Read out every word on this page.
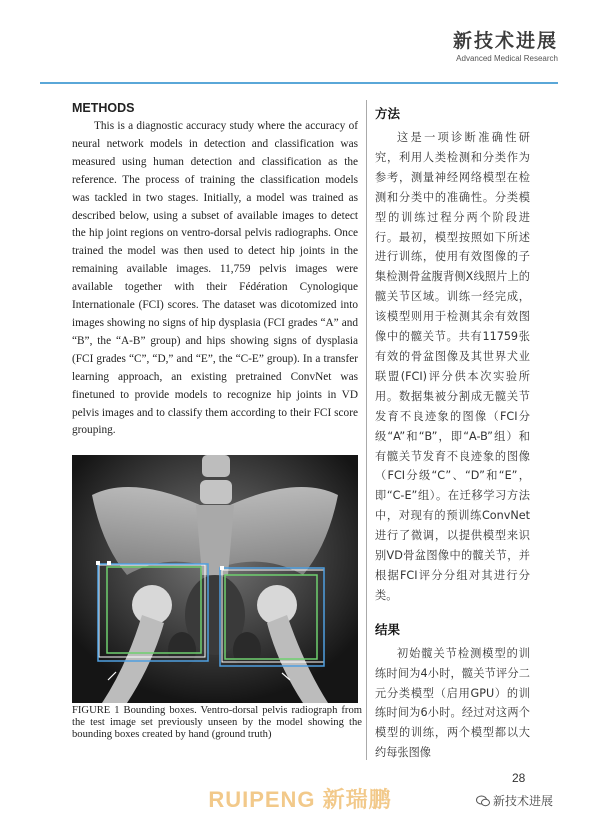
新技术进展
Advanced Medical Research
METHODS

This is a diagnostic accuracy study where the accuracy of neural network models in detection and classification was measured using human detection and classification as the reference. The process of training the classification models was tackled in two stages. Initially, a model was trained as described below, using a subset of available images to detect the hip joint regions on ventro-dorsal pelvis radiographs. Once trained the model was then used to detect hip joints in the remaining available images. 11,759 pelvis images were available together with their Fédération Cynologique Internationale (FCI) scores. The dataset was dicotomized into images showing no signs of hip dysplasia (FCI grades “A” and “B”, the “A-B” group) and hips showing signs of dysplasia (FCI grades “C”, “D,” and “E”, the “C-E” group). In a transfer learning approach, an existing pretrained ConvNet was finetuned to provide models to recognize hip joints in VD pelvis images and to classify them according to their FCI score grouping.

FIGURE 1 Bounding boxes. Ventro-dorsal pelvis radiograph from the test image set previously unseen by the model showing the bounding boxes created by hand (ground truth)

方法

这是一项诊断准确性研究，利用人类检测和分类作为参考，测量神经网络模型在检测和分类中的准确性。分类模型的训练过程分两个阶段进行。最初，模型按照如下所述进行训练，使用有效图像的子集检测骨盆腹背侧X线照片上的髋关节区域。训练一经完成，该模型则用于检测其余有效图像中的髋关节。共有11759张有效的骨盆图像及其世界犬业联盟(FCI)评分供本次实验所用。数据集被分割成无髋关节发育不良迹象的图像（FCI分级“A”和“B”，即“A-B”组）和有髋关节发育不良迹象的图像（FCI分级“C”、“D”和“E”，即“C-E”组）。在迁移学习方法中，对现有的预训练ConvNet进行了微调，以提供模型来识别VD骨盆图像中的髋关节，并根据FCI评分分组对其进行分类。

结果

初始髋关节检测模型的训练时间为4小时，髋关节评分二元分类模型（启用GPU）的训练时间为6小时。经过对这两个模型的训练，两个模型都以大约每张图像

28
RUIPENG 新瑞鹏	新技术进展
